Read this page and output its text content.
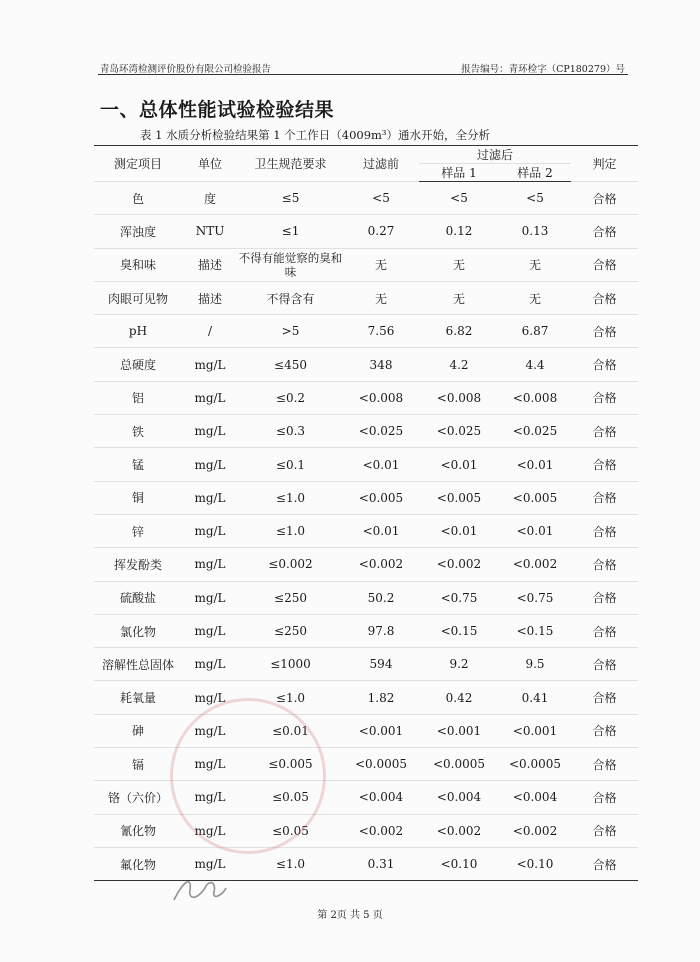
青岛环湾检测评价股份有限公司检验报告	报告编号：青环检字（CP180279）号
一、总体性能试验检验结果
表 1 水质分析检验结果第 1 个工作日（4009m³）通水开始，全分析
测定项目	单位	卫生规范要求	过滤前	过滤后		判定
				样品 1	样品 2	
色	度	≤5	<5	<5	<5	合格
浑浊度	NTU	≤1	0.27	0.12	0.13	合格
臭和味	描述	不得有能觉察的臭和味	无	无	无	合格
肉眼可见物	描述	不得含有	无	无	无	合格
pH	/	>5	7.56	6.82	6.87	合格
总硬度	mg/L	≤450	348	4.2	4.4	合格
铝	mg/L	≤0.2	<0.008	<0.008	<0.008	合格
铁	mg/L	≤0.3	<0.025	<0.025	<0.025	合格
锰	mg/L	≤0.1	<0.01	<0.01	<0.01	合格
铜	mg/L	≤1.0	<0.005	<0.005	<0.005	合格
锌	mg/L	≤1.0	<0.01	<0.01	<0.01	合格
挥发酚类	mg/L	≤0.002	<0.002	<0.002	<0.002	合格
硫酸盐	mg/L	≤250	50.2	<0.75	<0.75	合格
氯化物	mg/L	≤250	97.8	<0.15	<0.15	合格
溶解性总固体	mg/L	≤1000	594	9.2	9.5	合格
耗氧量	mg/L	≤1.0	1.82	0.42	0.41	合格
砷	mg/L	≤0.01	<0.001	<0.001	<0.001	合格
镉	mg/L	≤0.005	<0.0005	<0.0005	<0.0005	合格
铬（六价）	mg/L	≤0.05	<0.004	<0.004	<0.004	合格
氰化物	mg/L	≤0.05	<0.002	<0.002	<0.002	合格
氟化物	mg/L	≤1.0	0.31	<0.10	<0.10	合格
第 2页 共 5 页
